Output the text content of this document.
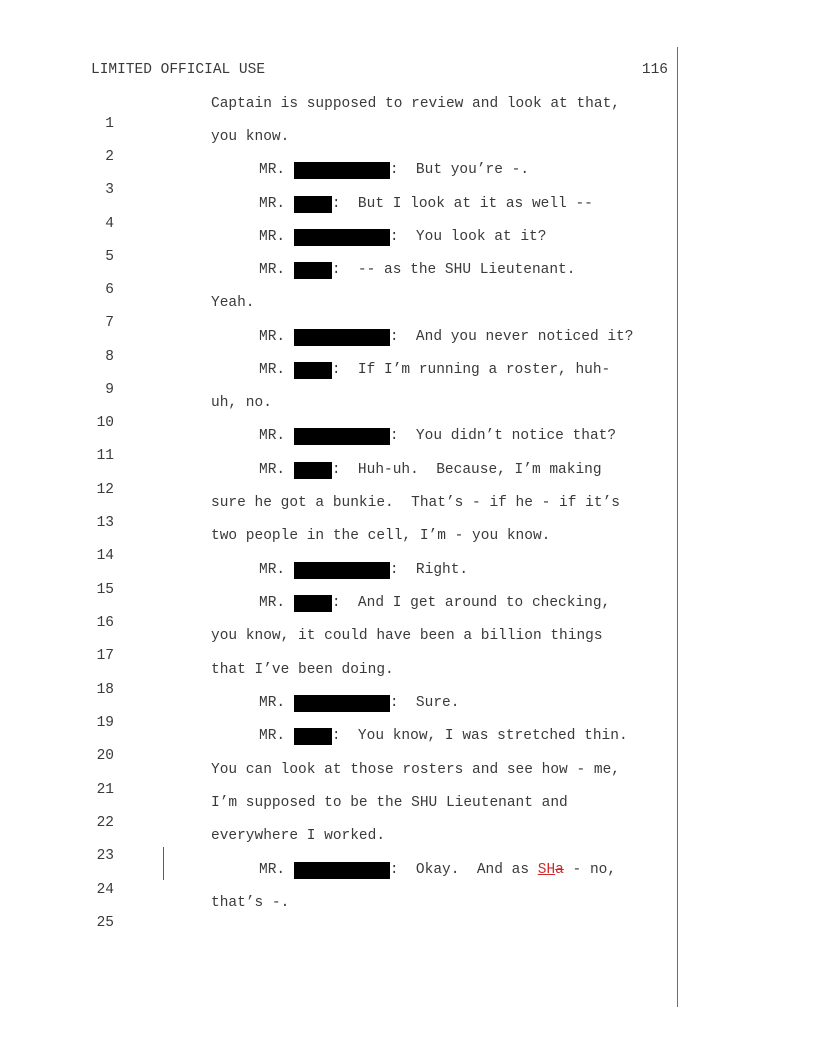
LIMITED OFFICIAL USE	116

1

Captain is supposed to review and look at that,

2

you know.

3

MR.	:  But you’re -.

4

MR.	:  But I look at it as well --

5

MR.	:  You look at it?

6

MR.	:  -- as the SHU Lieutenant.

7

Yeah.

8

MR.	:  And you never noticed it?

9

MR.	:  If I’m running a roster, huh-

10

uh, no.

11

MR.	:  You didn’t notice that?

12

MR.	:  Huh-uh.  Because, I’m making

13

sure he got a bunkie.  That’s - if he - if it’s

14

two people in the cell, I’m - you know.

15

MR.	:  Right.

16

MR.	:  And I get around to checking,

17

you know, it could have been a billion things

18

that I’ve been doing.

19

MR.	:  Sure.

20

MR.	:  You know, I was stretched thin.

21

You can look at those rosters and see how - me,

22

I’m supposed to be the SHU Lieutenant and

23

everywhere I worked.

24

MR.	:  Okay.  And as SHa - no,

25

that’s -.
